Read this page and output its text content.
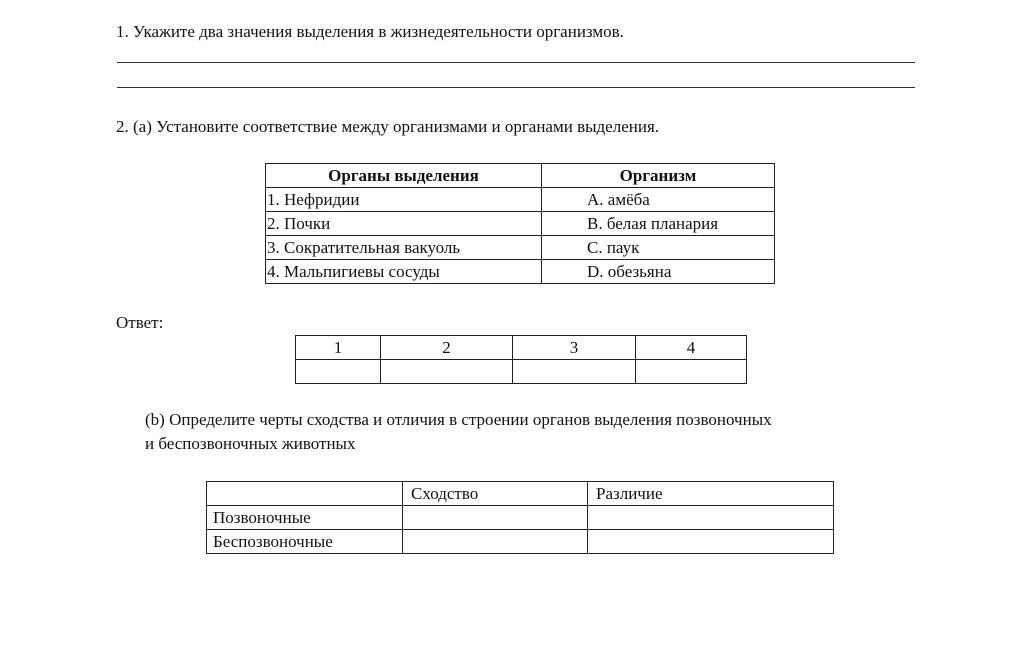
1. Укажите два значения выделения в жизнедеятельности организмов.
2. (a) Установите соответствие между организмами и органами выделения.
Органы выделения	Организм
1. Нефридии	A. амёба
2. Почки	B. белая планария
3. Сократительная вакуоль	C. паук
4. Мальпигиевы сосуды	D. обезьяна
Ответ:
1	2	3	4

(b) Определите черты сходства и отличия в строении органов выделения позвоночных
и беспозвоночных животных
	Сходство	Различие
Позвоночные		
Беспозвоночные		
